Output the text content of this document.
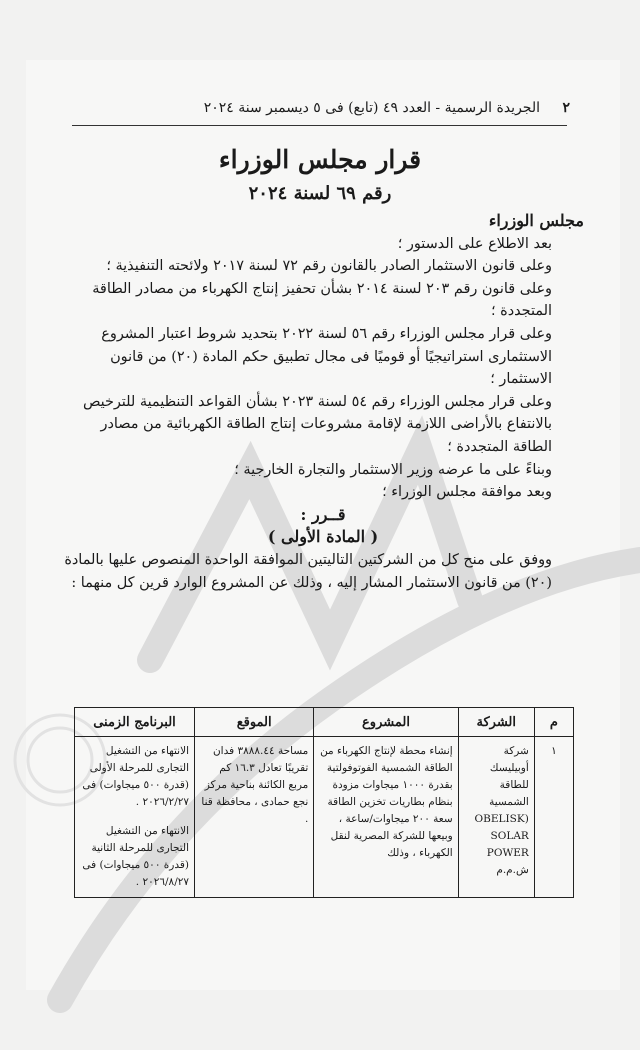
٢
الجريدة الرسمية - العدد ٤٩ (تابع) فى ٥ ديسمبر سنة ٢٠٢٤
قرار مجلس الوزراء
رقم ٦٩ لسنة ٢٠٢٤

مجلس الوزراء

بعد الاطلاع على الدستور ؛

وعلى قانون الاستثمار الصادر بالقانون رقم ٧٢ لسنة ٢٠١٧ ولائحته التنفيذية ؛

وعلى قانون رقم ٢٠٣ لسنة ٢٠١٤ بشأن تحفيز إنتاج الكهرباء من مصادر الطاقة المتجددة ؛

وعلى قرار مجلس الوزراء رقم ٥٦ لسنة ٢٠٢٢ بتحديد شروط اعتبار المشروع الاستثمارى استراتيجيًا أو قوميًا فى مجال تطبيق حكم المادة (٢٠) من قانون الاستثمار ؛

وعلى قرار مجلس الوزراء رقم ٥٤ لسنة ٢٠٢٣ بشأن القواعد التنظيمية للترخيص بالانتفاع بالأراضى اللازمة لإقامة مشروعات إنتاج الطاقة الكهربائية من مصادر الطاقة المتجددة ؛

وبناءً على ما عرضه وزير الاستثمار والتجارة الخارجية ؛

وبعد موافقة مجلس الوزراء ؛

قــرر :

( المادة الأولى )

ووفق على منح كل من الشركتين التاليتين الموافقة الواحدة المنصوص عليها بالمادة (٢٠) من قانون الاستثمار المشار إليه ، وذلك عن المشروع الوارد قرين كل منهما :

م	الشركة	المشروع	الموقع	البرنامج الزمنى
١	شركة أوبيليسك للطاقة الشمسية (OBELISK SOLAR POWER ش.م.م	إنشاء محطة لإنتاج الكهرباء من الطاقة الشمسية الفوتوفولتية بقدرة ١٠٠٠ ميجاوات مزودة بنظام بطاريات تخزين الطاقة سعة ٢٠٠ ميجاوات/ساعة ، وبيعها للشركة المصرية لنقل الكهرباء ، وذلك	مساحة ٣٨٨٨.٤٤ فدان تقريبًا تعادل ١٦.٣ كم مربع الكائنة بناحية مركز نجع حمادى ، محافظة قنا .	الانتهاء من التشغيل التجارى للمرحلة الأولى (قدرة ٥٠٠ ميجاوات) فى ٢٠٢٦/٢/٢٧ .
الانتهاء من التشغيل التجارى للمرحلة الثانية (قدرة ٥٠٠ ميجاوات) فى ٢٠٢٦/٨/٢٧ .
